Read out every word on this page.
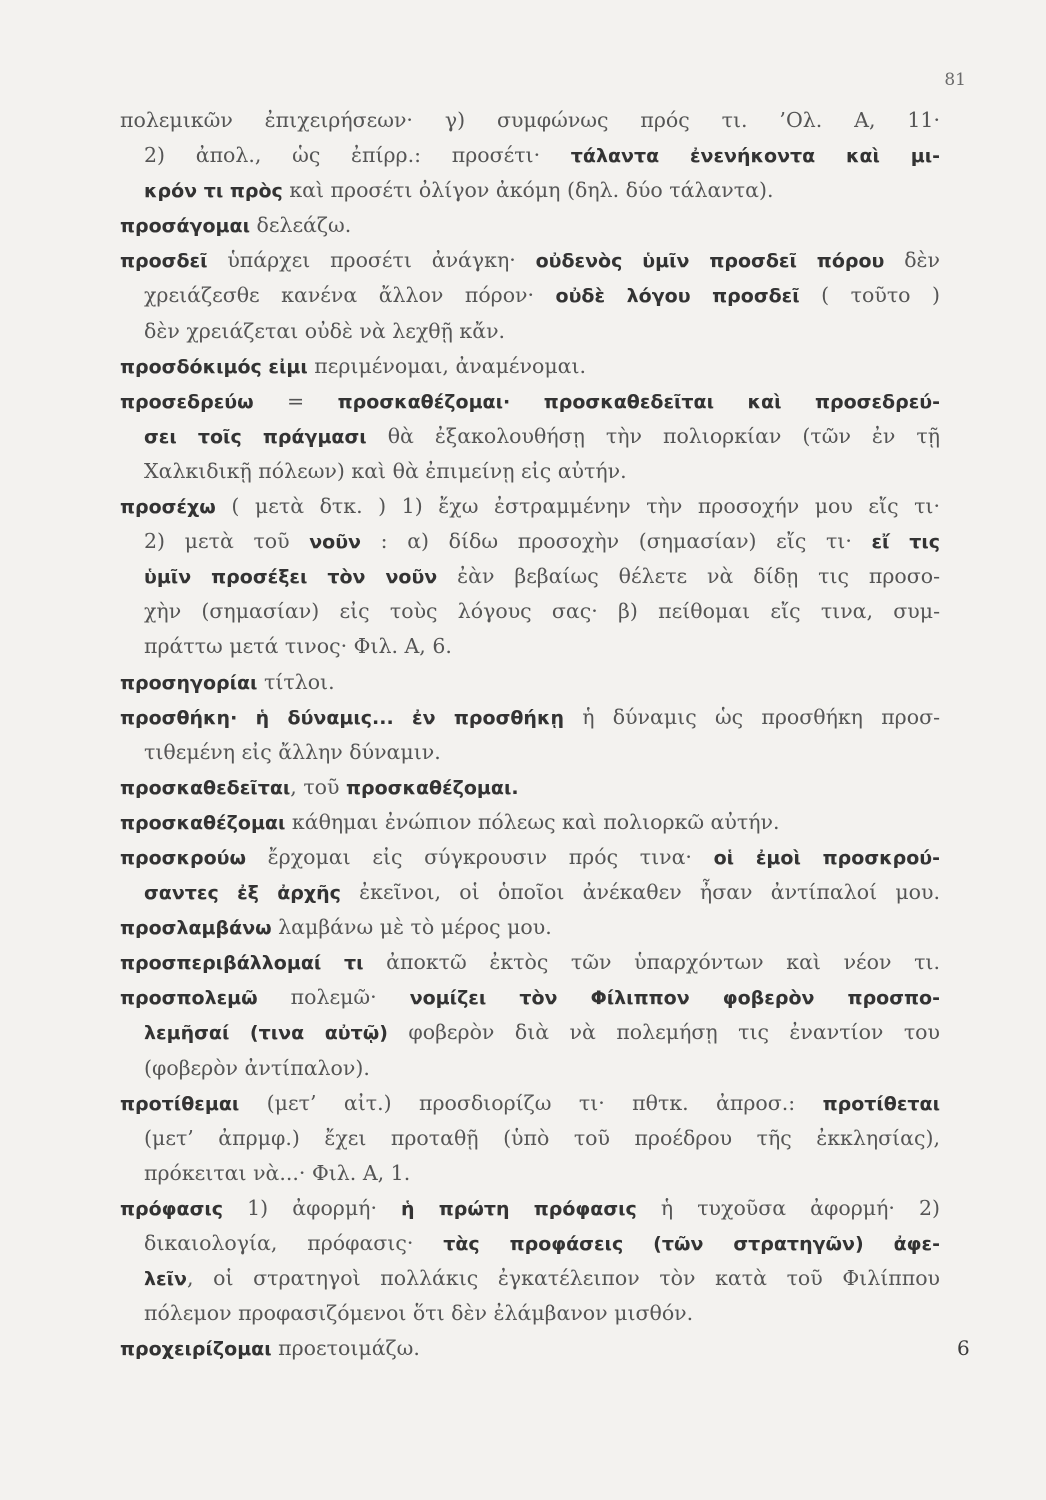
81
πολεμικῶν ἐπιχειρήσεων· γ) συμφώνως πρός τι. ’Ολ. Α, 11·
2) ἀπολ., ὡς ἐπίρρ.: προσέτι· τάλαντα ἐνενήκοντα καὶ μι-
κρόν τι πρὸς καὶ προσέτι ὀλίγον ἀκόμη (δηλ. δύο τάλαντα).
προσάγομαι δελεάζω.
προσδεῖ ὑπάρχει προσέτι ἀνάγκη· οὐδενὸς ὑμῖν προσδεῖ πόρου δὲν
χρειάζεσθε κανένα ἄλλον πόρον· οὐδὲ λόγου προσδεῖ ( τοῦτο )
δὲν χρειάζεται οὐδὲ νὰ λεχθῇ κἄν.
προσδόκιμός εἰμι περιμένομαι, ἀναμένομαι.
προσεδρεύω = προσκαθέζομαι· προσκαθεδεῖται καὶ προσεδρεύ-
σει τοῖς πράγμασι θὰ ἐξακολουθήσῃ τὴν πολιορκίαν (τῶν ἐν τῇ
Χαλκιδικῇ πόλεων) καὶ θὰ ἐπιμείνῃ εἰς αὐτήν.
προσέχω ( μετὰ δτκ. ) 1) ἔχω ἐστραμμένην τὴν προσοχήν μου εἴς τι·
2) μετὰ τοῦ νοῦν : α) δίδω προσοχὴν (σημασίαν) εἴς τι· εἴ τις
ὑμῖν προσέξει τὸν νοῦν ἐὰν βεβαίως θέλετε νὰ δίδῃ τις προσο-
χὴν (σημασίαν) εἰς τοὺς λόγους σας· β) πείθομαι εἴς τινα, συμ-
πράττω μετά τινος· Φιλ. Α, 6.
προσηγορίαι τίτλοι.
προσθήκη· ἡ δύναμις... ἐν προσθήκῃ ἡ δύναμις ὡς προσθήκη προσ-
τιθεμένη εἰς ἄλλην δύναμιν.
προσκαθεδεῖται, τοῦ προσκαθέζομαι.
προσκαθέζομαι κάθημαι ἐνώπιον πόλεως καὶ πολιορκῶ αὐτήν.
προσκρούω ἔρχομαι εἰς σύγκρουσιν πρός τινα· οἱ ἐμοὶ προσκρού-
σαντες ἐξ ἀρχῆς ἐκεῖνοι, οἱ ὁποῖοι ἀνέκαθεν ἦσαν ἀντίπαλοί μου.
προσλαμβάνω λαμβάνω μὲ τὸ μέρος μου.
προσπεριβάλλομαί τι ἀποκτῶ ἐκτὸς τῶν ὑπαρχόντων καὶ νέον τι.
προσπολεμῶ πολεμῶ· νομίζει τὸν Φίλιππον φοβερὸν προσπο-
λεμῆσαί (τινα αὐτῷ) φοβερὸν διὰ νὰ πολεμήσῃ τις ἐναντίον του
(φοβερὸν ἀντίπαλον).
προτίθεμαι (μετ’ αἰτ.) προσδιορίζω τι· πθτκ. ἀπροσ.: προτίθεται
(μετ’ ἀπρμφ.) ἔχει προταθῇ (ὑπὸ τοῦ προέδρου τῆς ἐκκλησίας),
πρόκειται νὰ...· Φιλ. Α, 1.
πρόφασις 1) ἀφορμή· ἡ πρώτη πρόφασις ἡ τυχοῦσα ἀφορμή· 2)
δικαιολογία, πρόφασις· τὰς προφάσεις (τῶν στρατηγῶν) ἀφε-
λεῖν, οἱ στρατηγοὶ πολλάκις ἐγκατέλειπον τὸν κατὰ τοῦ Φιλίππου
πόλεμον προφασιζόμενοι ὅτι δὲν ἐλάμβανον μισθόν.
προχειρίζομαι προετοιμάζω.	6
